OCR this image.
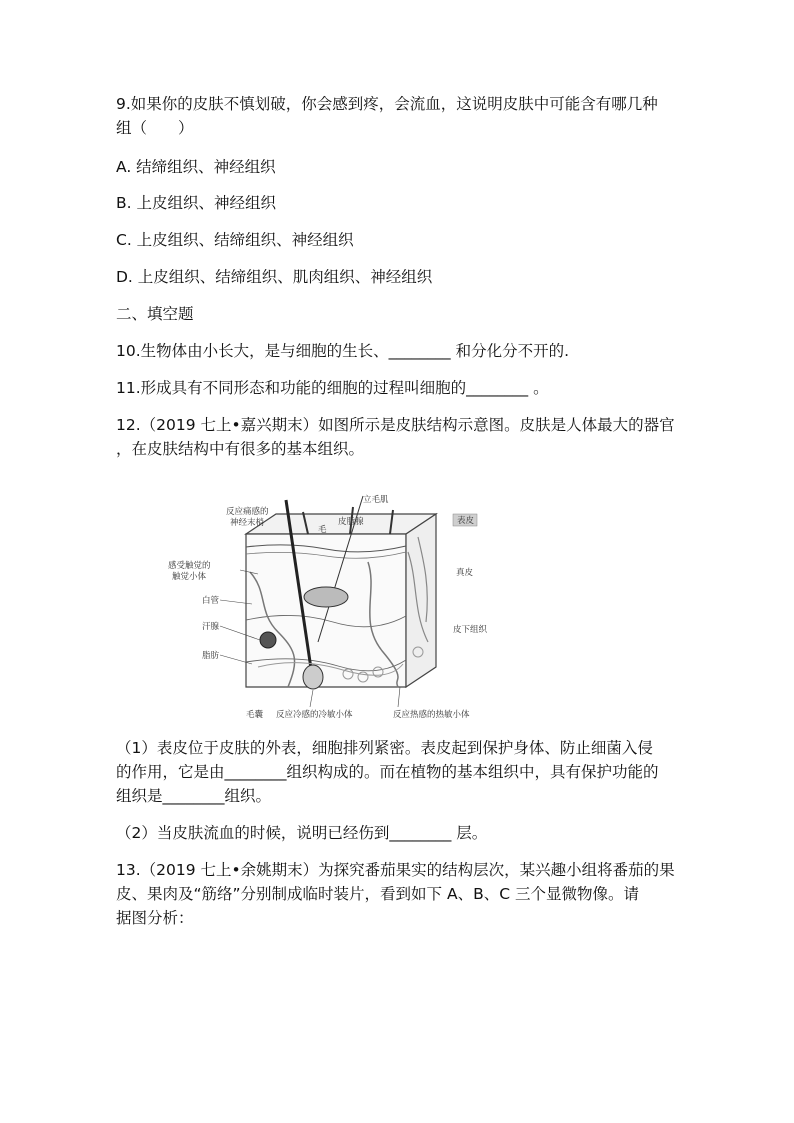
9.如果你的皮肤不慎划破，你会感到疼，会流血，这说明皮肤中可能含有哪几种
组（　　）
A. 结缔组织、神经组织
B. 上皮组织、神经组织
C. 上皮组织、结缔组织、神经组织
D. 上皮组织、结缔组织、肌肉组织、神经组织
二、填空题
10.生物体由小长大，是与细胞的生长、________ 和分化分不开的.
11.形成具有不同形态和功能的细胞的过程叫细胞的________ 。
12.（2019 七上•嘉兴期末）如图所示是皮肤结构示意图。皮肤是人体最大的器官
，在皮肤结构中有很多的基本组织。
反应痛感的
神经末梢
立毛肌
毛
皮脂腺	表皮
感受触觉的
触觉小体
白管
汗腺
脂肪
真皮
皮下组织
毛囊 反应冷感的冷敏小体	反应热感的热敏小体
（1）表皮位于皮肤的外表，细胞排列紧密。表皮起到保护身体、防止细菌入侵
的作用，它是由________组织构成的。而在植物的基本组织中，具有保护功能的
组织是________组织。
（2）当皮肤流血的时候，说明已经伤到________ 层。
13.（2019 七上•余姚期末）为探究番茄果实的结构层次，某兴趣小组将番茄的果
皮、果肉及“筋络”分别制成临时装片，看到如下 A、B、C 三个显微物像。请
据图分析：
